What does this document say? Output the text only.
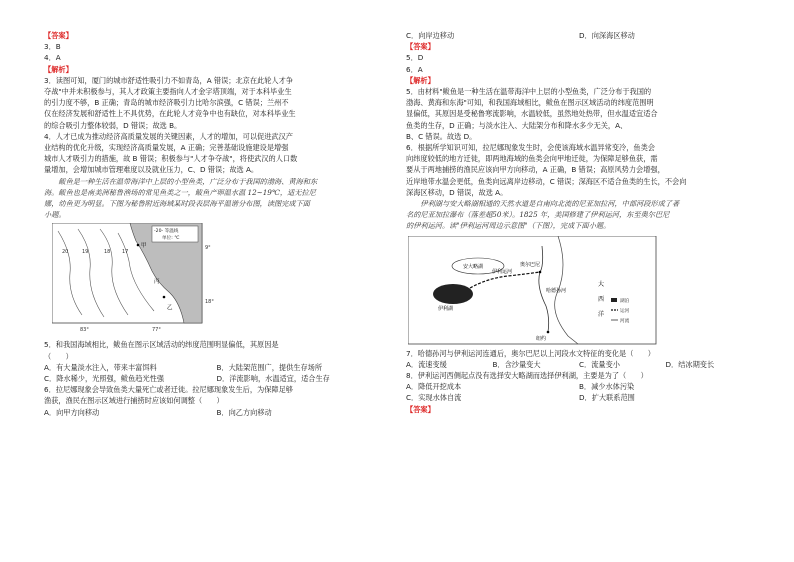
【答案】
3．B
4．A
【解析】
3．读图可知，厦门的城市舒适性吸引力不如青岛，A 错误；北京在此轮人才争
夺战"中并未积极参与，其人才政策主要指向人才金字塔顶端，对于本科毕业生
的引力度不够，B 正确；青岛的城市经济吸引力比哈尔滨强，C 错误；兰州不
仅在经济发展和舒适性上不具优势，在此轮人才竞争中也有缺位，对本科毕业生
的综合吸引力整体较弱，D 错误；故选 B。
4．人才已成为推动经济高质量发展的关键因素，人才的增加，可以促进武汉产
业结构的优化升级，实现经济高质量发展，A 正确；完善基础设施建设是增强
城市人才吸引力的措施，故 B 错误；积极参与"人才争夺战"，将使武汉的人口数
量增加，会增加城市管理难度以及就业压力，C、D 错误；故选 A。
鲅鱼是一种生活在温带海洋中上层的小型鱼类，广泛分布于我国的渤海、黄海和东
海。鲅鱼也是南美洲秘鲁渔场的常见鱼类之一，鲅鱼产卵温水温 12~19℃，适无拉尼
娜，幼鱼更为明显。下图为秘鲁附近海域某时段表层海平温谐分布图，读图完成下面
小题。
20	19	18 17
甲
乙
丙
-20- 等温线
单位: ℃
9°
18°
83°	77°
5．和我国海域相比，鲅鱼在图示区域活动的纬度范围明显偏低，其原因是
（　　）
A．有大量淡水注入，带来丰富饵料	B．大陆架范围广，提供生存场所
C．降水稀少，光照强，鲅鱼趋光性强	D．洋流影响，水温适宜，适合生存
6．拉尼娜现象会导致鱼类大量死亡或者迁徙。拉尼娜现象发生后，为保障足够
渔获，渔民在图示区域进行捕捞时应该如何调整（　　）
A．向甲方向移动	B．向乙方向移动
C．向岸边移动	D．向深海区移动
【答案】
5．D
6．A
【解析】
5．由材料"鲅鱼是一种生活在温带海洋中上层的小型鱼类，广泛分布于我国的
渤海、黄海和东海"可知，和我国海域相比，鲅鱼在图示区域活动的纬度范围明
显偏低，其原因是受秘鲁寒流影响，水温较低，虽然地处热带，但水温适宜适合
鱼类的生存，D 正确；与淡水注入、大陆架分布和降水多少无关，A、
B、C 错误。故选 D。
6．根据所学知识可知，拉尼娜现象发生时，会使该海域水温异常变冷，鱼类会
向纬度较低的地方迁徙，即两地海域的鱼类会向甲地迁徙，为保障足够鱼获，需
要从于两地捕捞的渔民应该向甲方向移动，A 正确，B 错误；高原风势力会增强，
近岸地带水温会更低，鱼类向远离岸边移动，C 错误；深海区不适合鱼类的生长，不会向
深海区移动，D 错误，故选 A。
伊利湖与安大略湖相通的天然水道是自南向北流的尼亚加拉河，中部河段形成了著
名的尼亚加拉瀑布（落差超50米）。1825 年，美国修建了伊利运河，东至奥尔巴尼
的伊利运河。读"伊利运河周边示意图"（下图），完成下面小题。
安大略湖
伊利湖
伊利运河
哈德孙河
奥尔巴尼
纽约
大
西
洋
湖泊
运河
河流
7．哈德孙河与伊利运河连通后，奥尔巴尼以上河段水文特征的变化是（　　）
A．流速变缓	B．含沙量变大	C．流量变小	D．结冰期变长
8．伊利运河西侧起点没有选择安大略湖而选择伊利湖，主要是为了（　　）
A．降低开挖成本	B．减少水体污染
C．实现水体自流	D．扩大联系范围
【答案】
